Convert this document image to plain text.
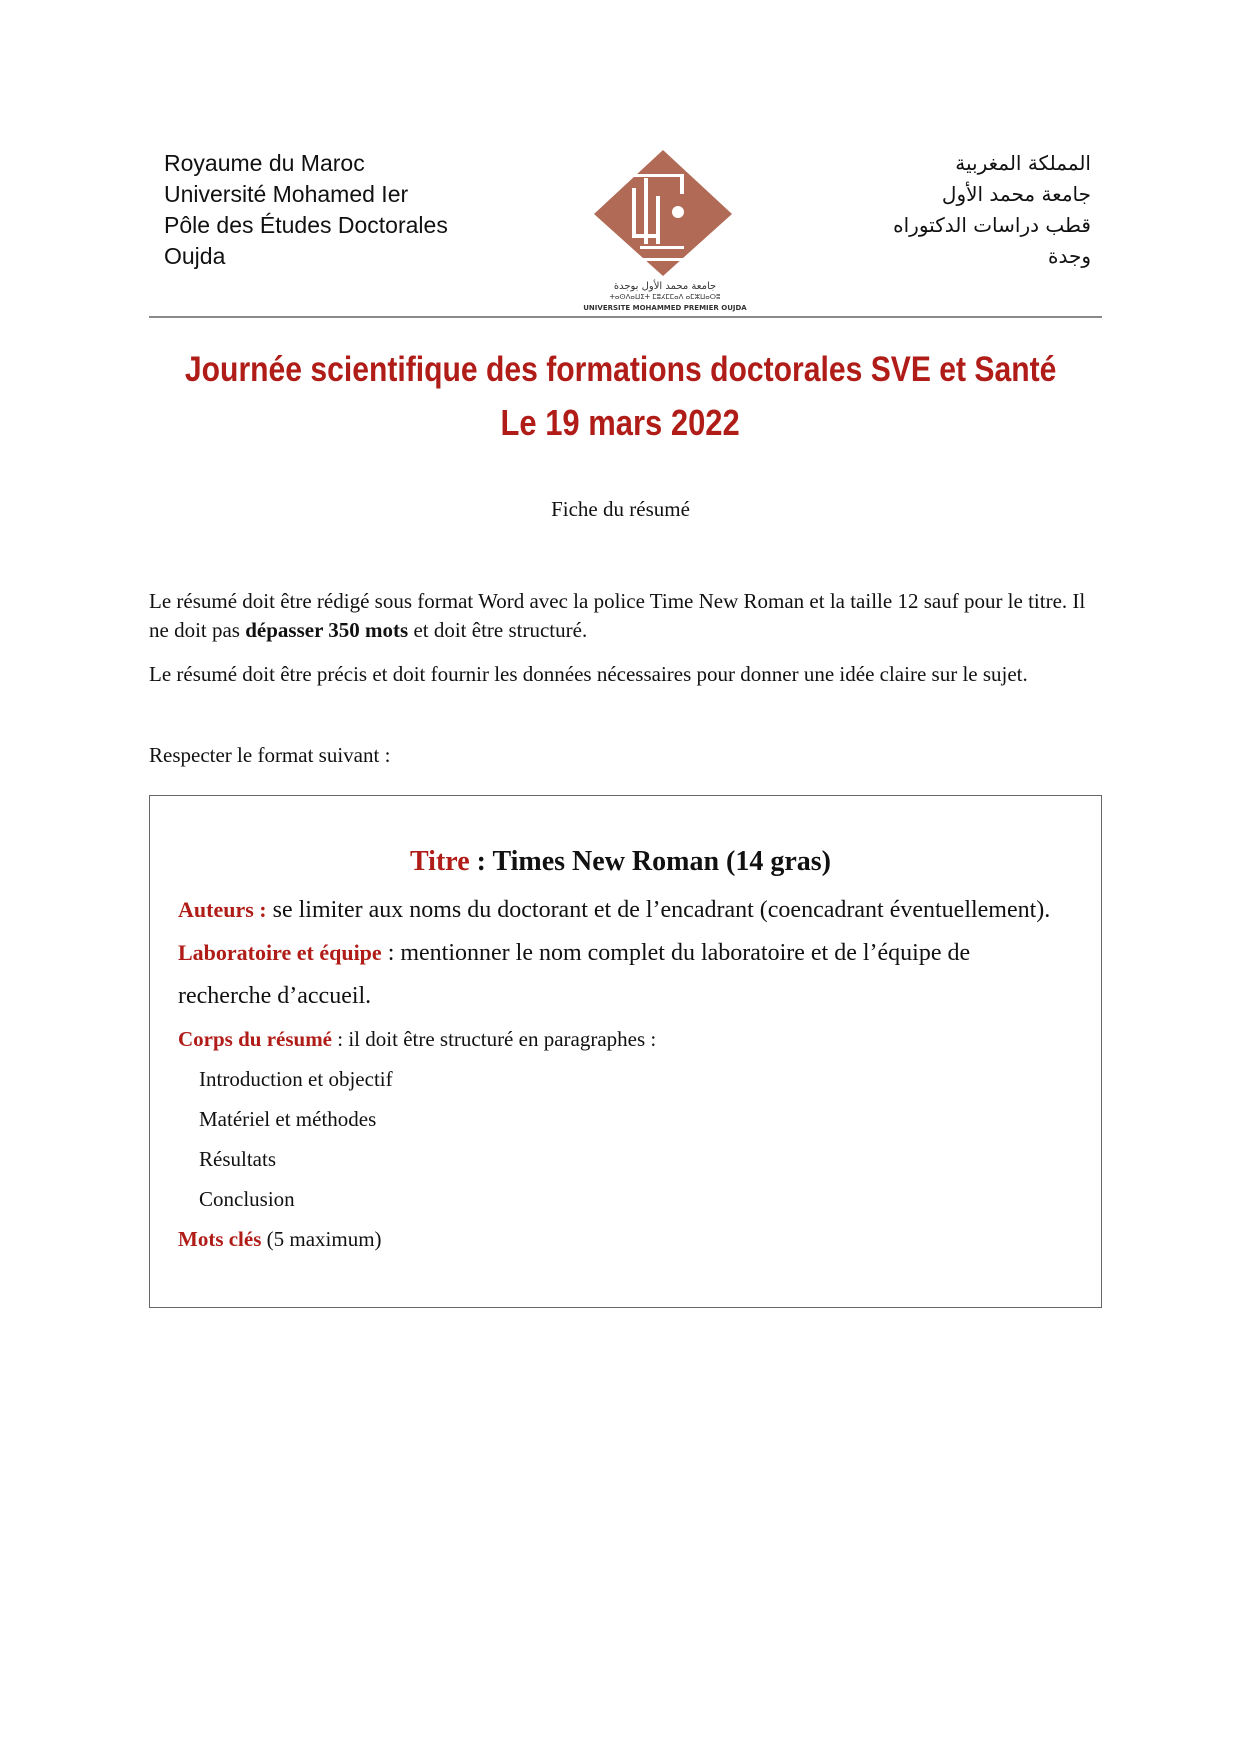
Royaume du Maroc
Université Mohamed Ier
Pôle des Études Doctorales
Oujda
جامعة محمد الأول بوجدة
ⵜⴰⵙⴷⴰⵡⵉⵜ ⵎⵓⵃⵎⵎⴰⴷ ⴰⵎⵣⵡⴰⵔⵓ
UNIVERSITE MOHAMMED PREMIER OUJDA
المملكة المغربية
جامعة محمد الأول
قطب دراسات الدكتوراه
وجدة
Journée scientifique des formations doctorales SVE et Santé
Le 19 mars 2022
Fiche du résumé
Le résumé doit être rédigé sous format Word avec la police Time New Roman et la taille 12 sauf pour le titre. Il ne doit pas dépasser 350 mots et doit être structuré.
Le résumé doit être précis et doit fournir les données nécessaires pour donner une idée claire sur le sujet.
Respecter le format suivant :
Titre : Times New Roman (14 gras)
Auteurs : se limiter aux noms du doctorant et de l’encadrant (coencadrant éventuellement).
Laboratoire et équipe : mentionner le nom complet du laboratoire et de l’équipe de
recherche d’accueil.
Corps du résumé : il doit être structuré en paragraphes :
Introduction et objectif
Matériel et méthodes
Résultats
Conclusion
Mots clés (5 maximum)
